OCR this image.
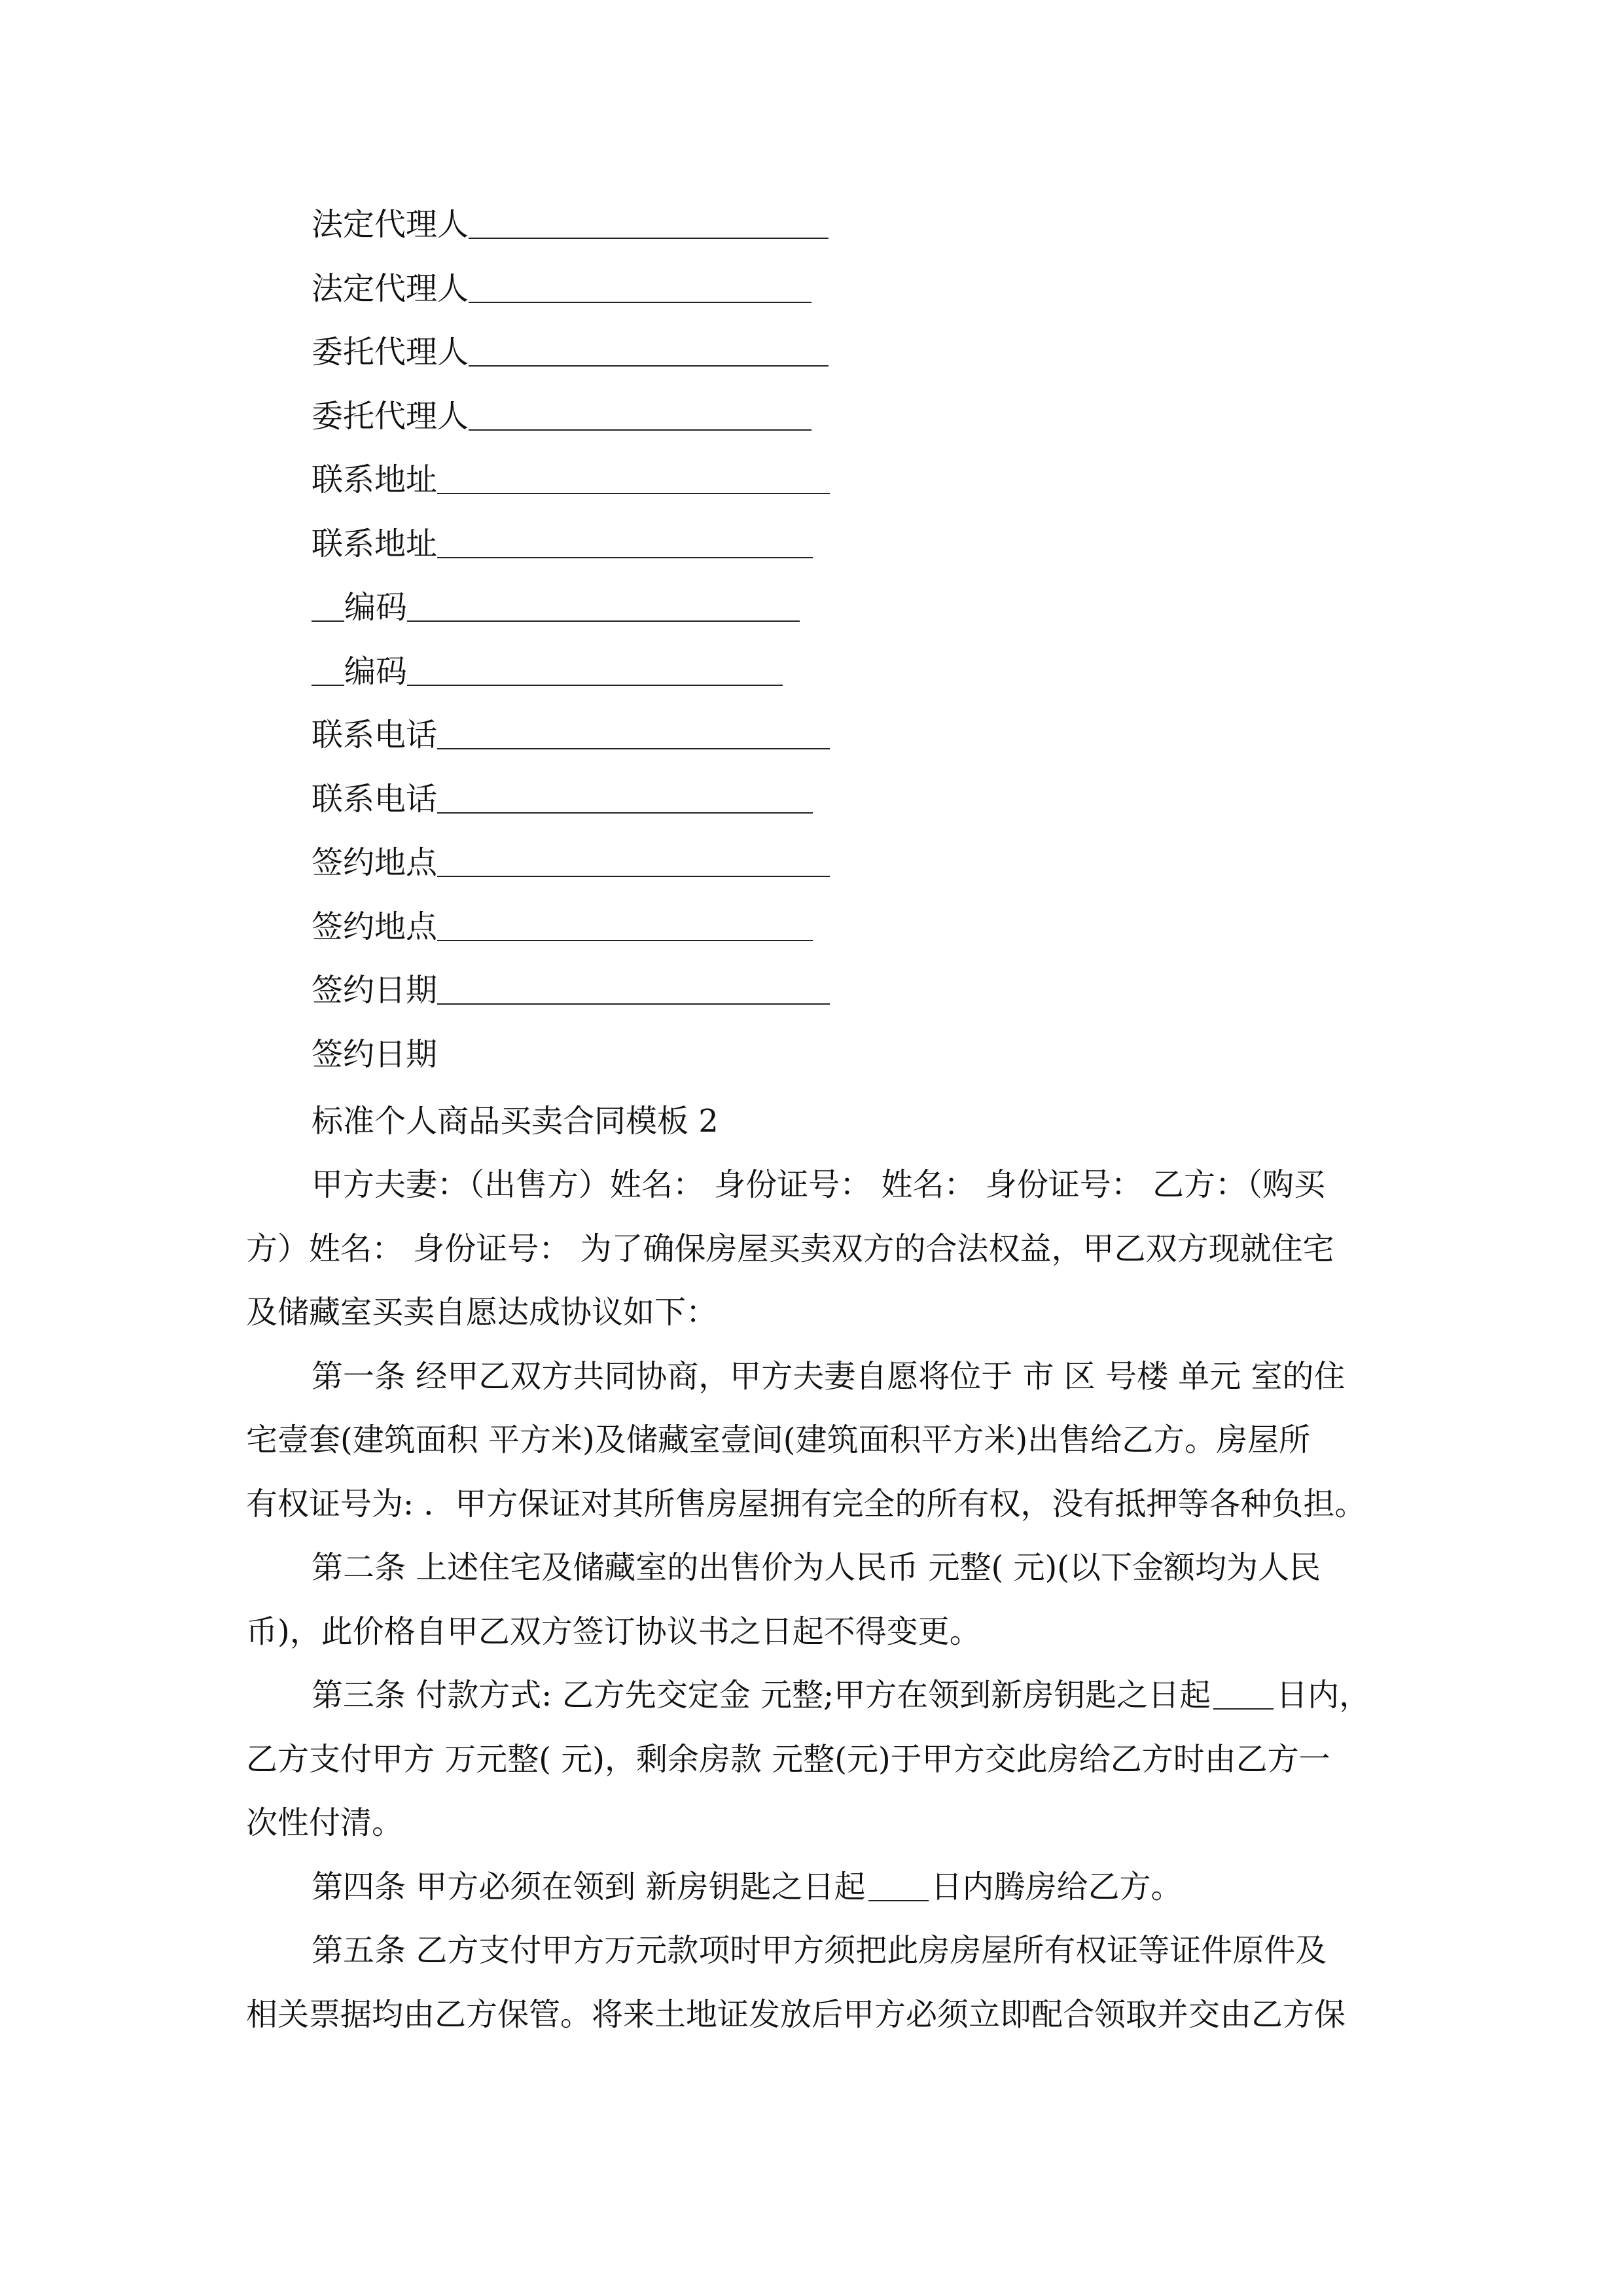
法定代理人
法定代理人
委托代理人
委托代理人
联系地址
联系地址
编码
编码
联系电话
联系电话
签约地点
签约地点
签约日期
签约日期
标准个人商品买卖合同模板 2
甲方夫妻：（出售方）姓名： 身份证号： 姓名： 身份证号： 乙方：（购买
方）姓名： 身份证号： 为了确保房屋买卖双方的合法权益，甲乙双方现就住宅
及储藏室买卖自愿达成协议如下：
第一条 经甲乙双方共同协商，甲方夫妻自愿将位于 市 区 号楼 单元 室的住
宅壹套(建筑面积 平方米)及储藏室壹间(建筑面积平方米)出售给乙方。房屋所
有权证号为: ．甲方保证对其所售房屋拥有完全的所有权，没有抵押等各种负担。
第二条 上述住宅及储藏室的出售价为人民币 元整( 元)(以下金额均为人民
币)，此价格自甲乙双方签订协议书之日起不得变更。
第三条 付款方式: 乙方先交定金 元整;甲方在领到新房钥匙之日起 日内，
乙方支付甲方 万元整( 元)，剩余房款 元整(元)于甲方交此房给乙方时由乙方一
次性付清。
第四条 甲方必须在领到 新房钥匙之日起 日内腾房给乙方。
第五条 乙方支付甲方万元款项时甲方须把此房房屋所有权证等证件原件及
相关票据均由乙方保管。将来土地证发放后甲方必须立即配合领取并交由乙方保
